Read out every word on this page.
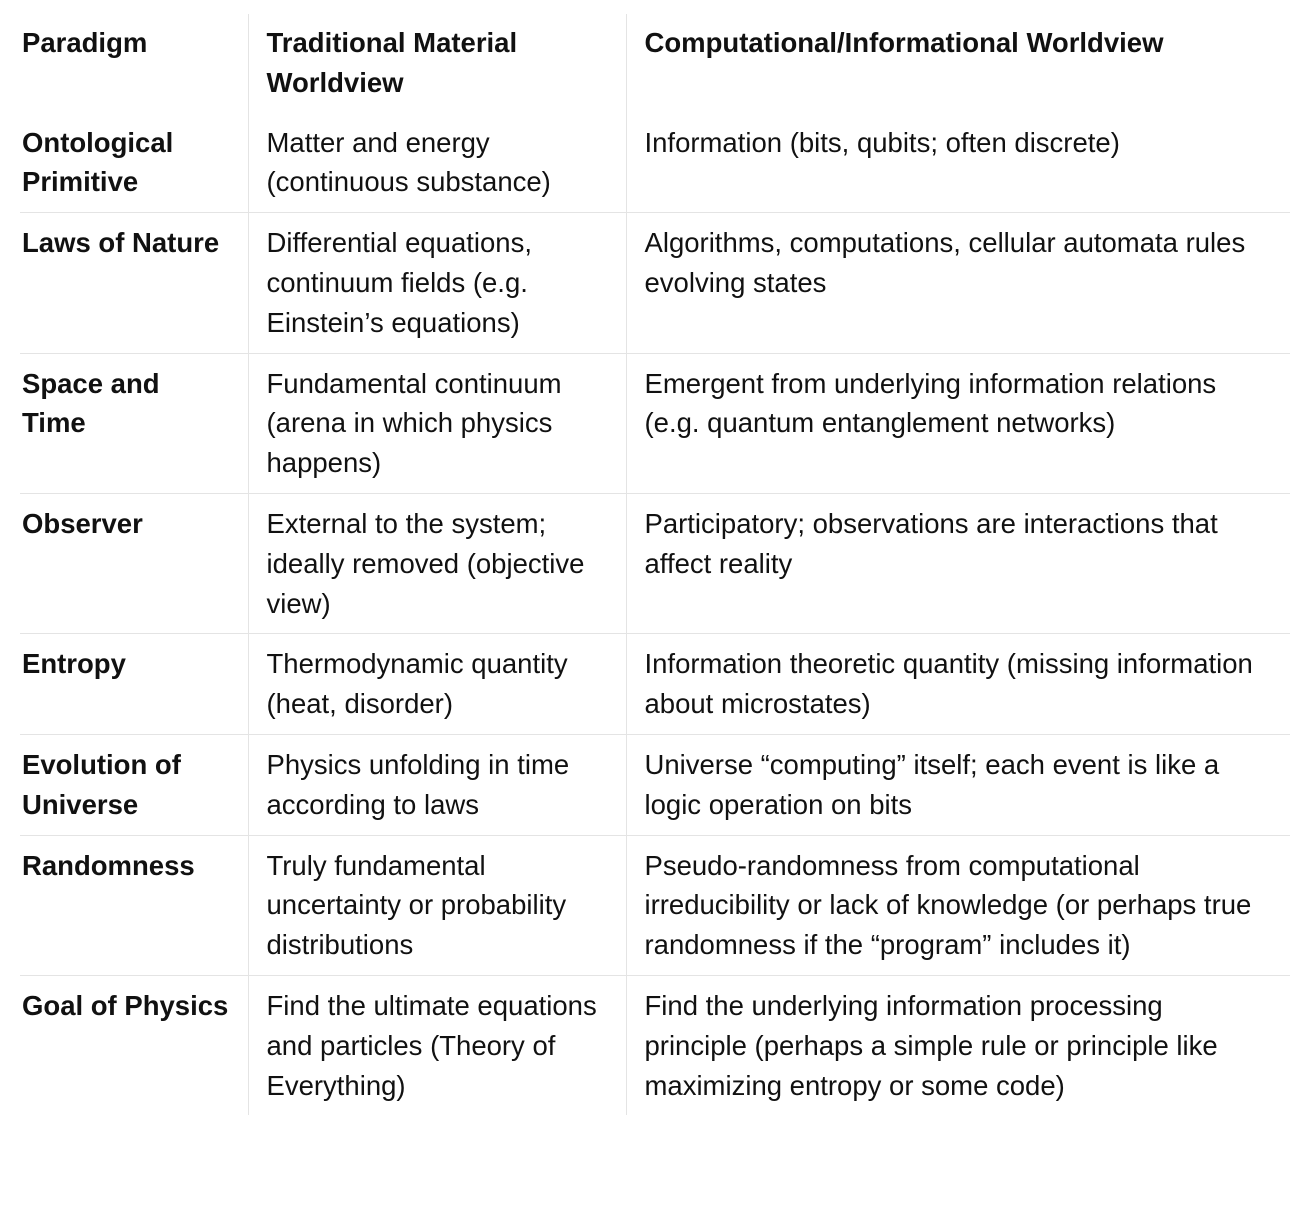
Paradigm	Traditional Material Worldview	Computational/Informational Worldview
Ontological Primitive	Matter and energy (continuous substance)	Information (bits, qubits; often discrete)
Laws of Nature	Differential equations, continuum fields (e.g. Einstein’s equations)	Algorithms, computations, cellular automata rules evolving states
Space and Time	Fundamental continuum (arena in which physics happens)	Emergent from underlying information relations (e.g. quantum entanglement networks)
Observer	External to the system; ideally removed (objective view)	Participatory; observations are interactions that affect reality
Entropy	Thermodynamic quantity (heat, disorder)	Information theoretic quantity (missing information about microstates)
Evolution of Universe	Physics unfolding in time according to laws	Universe “computing” itself; each event is like a logic operation on bits
Randomness	Truly fundamental uncertainty or probability distributions	Pseudo-randomness from computational irreducibility or lack of knowledge (or perhaps true randomness if the “program” includes it)
Goal of Physics	Find the ultimate equations and particles (Theory of Everything)	Find the underlying information processing principle (perhaps a simple rule or principle like maximizing entropy or some code)
